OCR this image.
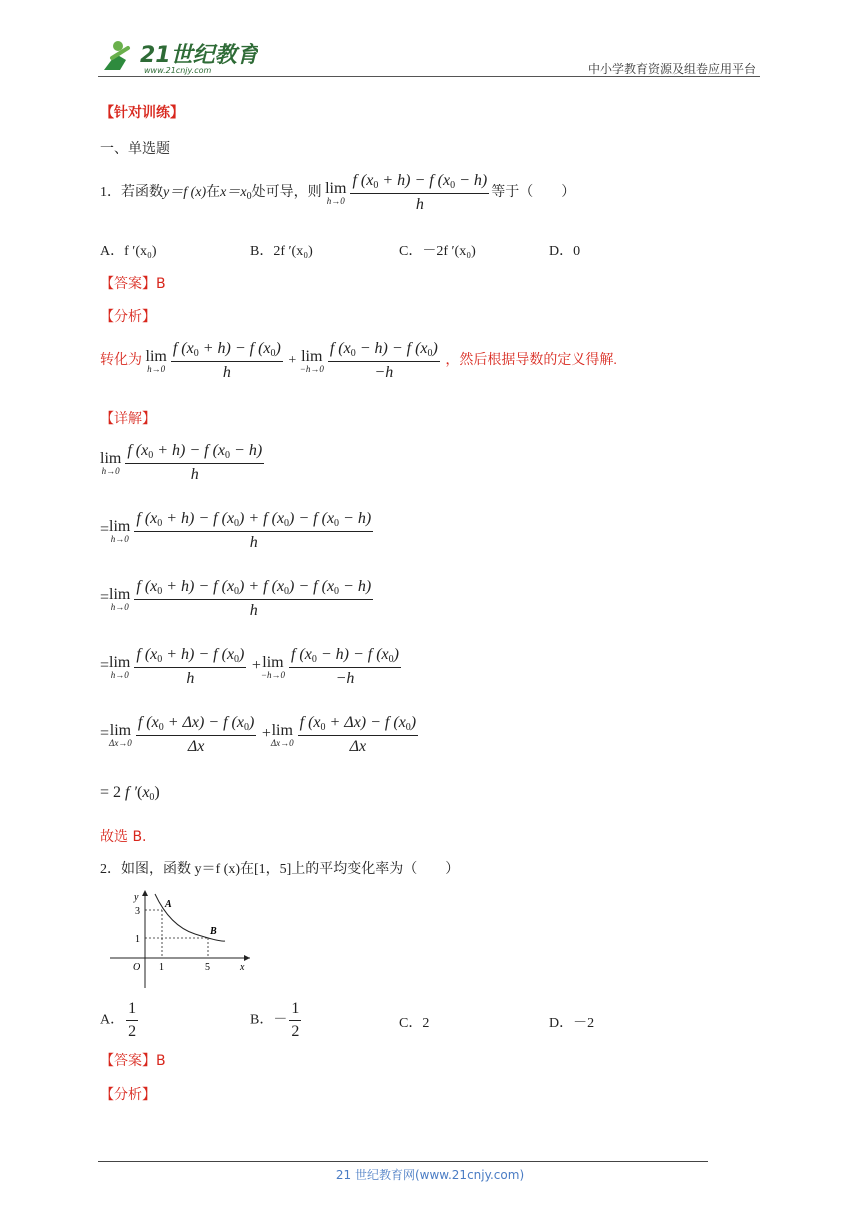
21世纪教育
www.21cnjy.com	中小学教育资源及组卷应用平台
【针对训练】
一、单选题
1．若函数y＝f (x)在$x=x_0$处可导，则 lim
$h\to 0 \frac{f (x0 + h) - f (x0 - h)}{h}$ 等于（　　）
A．f ′(x₀)	B．2f ′(x₀)	C．－2f ′(x₀)	D．0
【答案】B
【分析】
转化为 lim
$h\to 0 \frac{f (x0 + h) - f (x0)}{h} + \lim$
$-h\to 0 \frac{f (x0 - h) - f (x0)}{-h}$ ，然后根据导数的定义得解.
【详解】
lim
$h\to 0 \frac{f (x0 + h) - f (x0 - h)}{h}$
= lim
$h\to 0 \frac{f (x0 + h) - f (x0) + f (x0) - f (x0 - h)}{h}$
= lim
$h\to 0 \frac{f (x0 + h) - f (x0) + f (x0) - f (x0 - h)}{h}$
= lim
$h\to 0 \frac{f (x0 + h) - f (x0)}{h} + \lim$
$-h\to 0 \frac{f (x0 - h) - f (x0)}{-h}$
= lim
$\Delta x\to 0 \frac{f (x0 + \Delta x) - f (x0)}{\Delta x} + \lim$
$\Delta x\to 0 \frac{f (x0 + \Delta x) - f (x0)}{\Delta x}$
= 2 f ′(x0)
故选 B.
2．如图，函数 y＝f (x)在[1，5]上的平均变化率为（　　）
y
x
O 1	5
1
3
A
B
A． $\frac{1}{2}$	B．－ $\frac{1}{2}$	C．2	D．－2
【答案】B
【分析】
21 世纪教育网(www.21cnjy.com)
